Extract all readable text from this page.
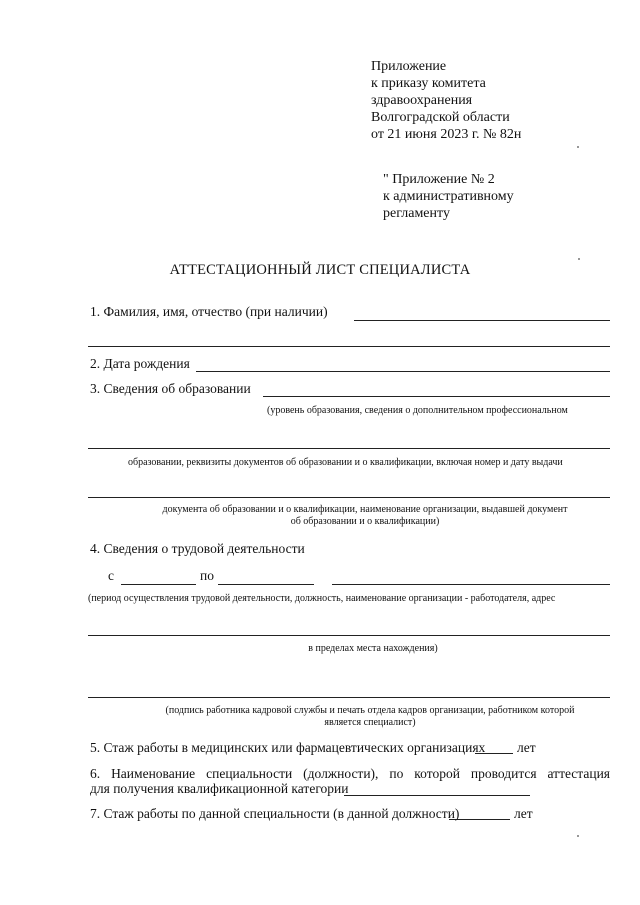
Приложение
к приказу комитета
здравоохранения
Волгоградской области
от 21 июня 2023 г. № 82н
" Приложение № 2
к административному
регламенту
АТТЕСТАЦИОННЫЙ ЛИСТ СПЕЦИАЛИСТА
1. Фамилия, имя, отчество (при наличии)
2. Дата рождения
3. Сведения об образовании
(уровень образования, сведения о дополнительном профессиональном
образовании, реквизиты документов об образовании и о квалификации, включая номер и дату выдачи
документа об образовании и о квалификации, наименование организации, выдавшей документ
об образовании и о квалификации)
4. Сведения о трудовой деятельности
с	по
(период осуществления трудовой деятельности, должность, наименование организации - работодателя, адрес
в пределах места нахождения)
(подпись работника кадровой службы и печать отдела кадров организации, работником которой
является специалист)
5. Стаж работы в медицинских или фармацевтических организациях лет
6. Наименование специальности (должности), по которой проводится аттестация
для получения квалификационной категории
7. Стаж работы по данной специальности (в данной должности)	лет
